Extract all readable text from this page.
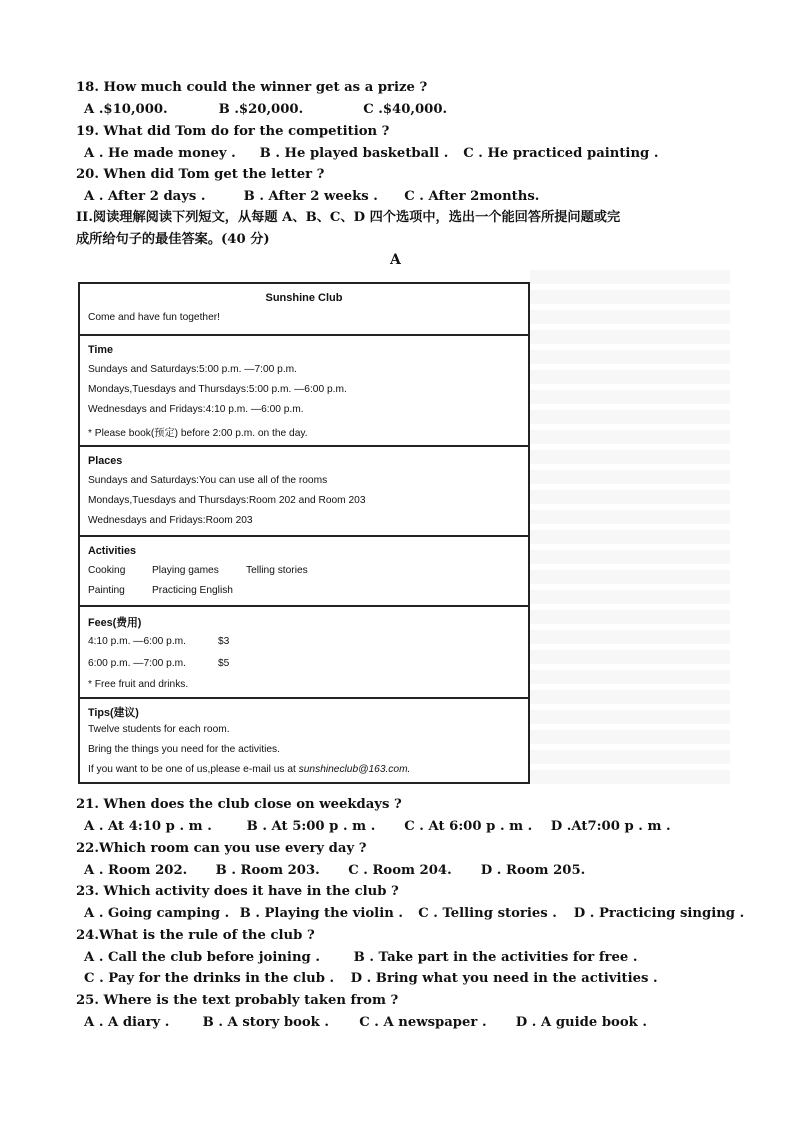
18. How much could the winner get as a prize ?
A .$10,000.	B .$20,000.	C .$40,000.
19. What did Tom do for the competition ?
A . He made money . B . He played basketball . C . He practiced painting .
20. When did Tom get the letter ?
A . After 2 days .	B . After 2 weeks . C . After 2months.
II.阅读理解阅读下列短文，从每题 A、B、C、D 四个选项中，选出一个能回答所提问题或完
成所给句子的最佳答案。(40 分)
A
Sunshine Club
Come and have fun together!
Time
Sundays and Saturdays:5:00 p.m. —7:00 p.m.
Mondays,Tuesdays and Thursdays:5:00 p.m. —6:00 p.m.
Wednesdays and Fridays:4:10 p.m. —6:00 p.m.
* Please book(预定) before 2:00 p.m. on the day.
Places
Sundays and Saturdays:You can use all of the rooms
Mondays,Tuesdays and Thursdays:Room 202 and Room 203
Wednesdays and Fridays:Room 203
Activities
Cooking	Playing games	Telling stories
Painting	Practicing English
Fees(费用)
4:10 p.m. —6:00 p.m.	$3
6:00 p.m. —7:00 p.m.	$5
* Free fruit and drinks.
Tips(建议)
Twelve students for each room.
Bring the things you need for the activities.
If you want to be one of us,please e-mail us at sunshineclub@163.com.
21. When does the club close on weekdays ?
A . At 4:10 p . m .	B . At 5:00 p . m . C . At 6:00 p . m . D .At7:00 p . m .
22.Which room can you use every day ?
A . Room 202. B . Room 203. C . Room 204. D . Room 205.
23. Which activity does it have in the club ?
A . Going camping . B . Playing the violin . C . Telling stories . D . Practicing singing .
24.What is the rule of the club ?
A . Call the club before joining .	B . Take part in the activities for free .
C . Pay for the drinks in the club . D . Bring what you need in the activities .
25. Where is the text probably taken from ?
A . A diary .	B . A story book . C . A newspaper . D . A guide book .
